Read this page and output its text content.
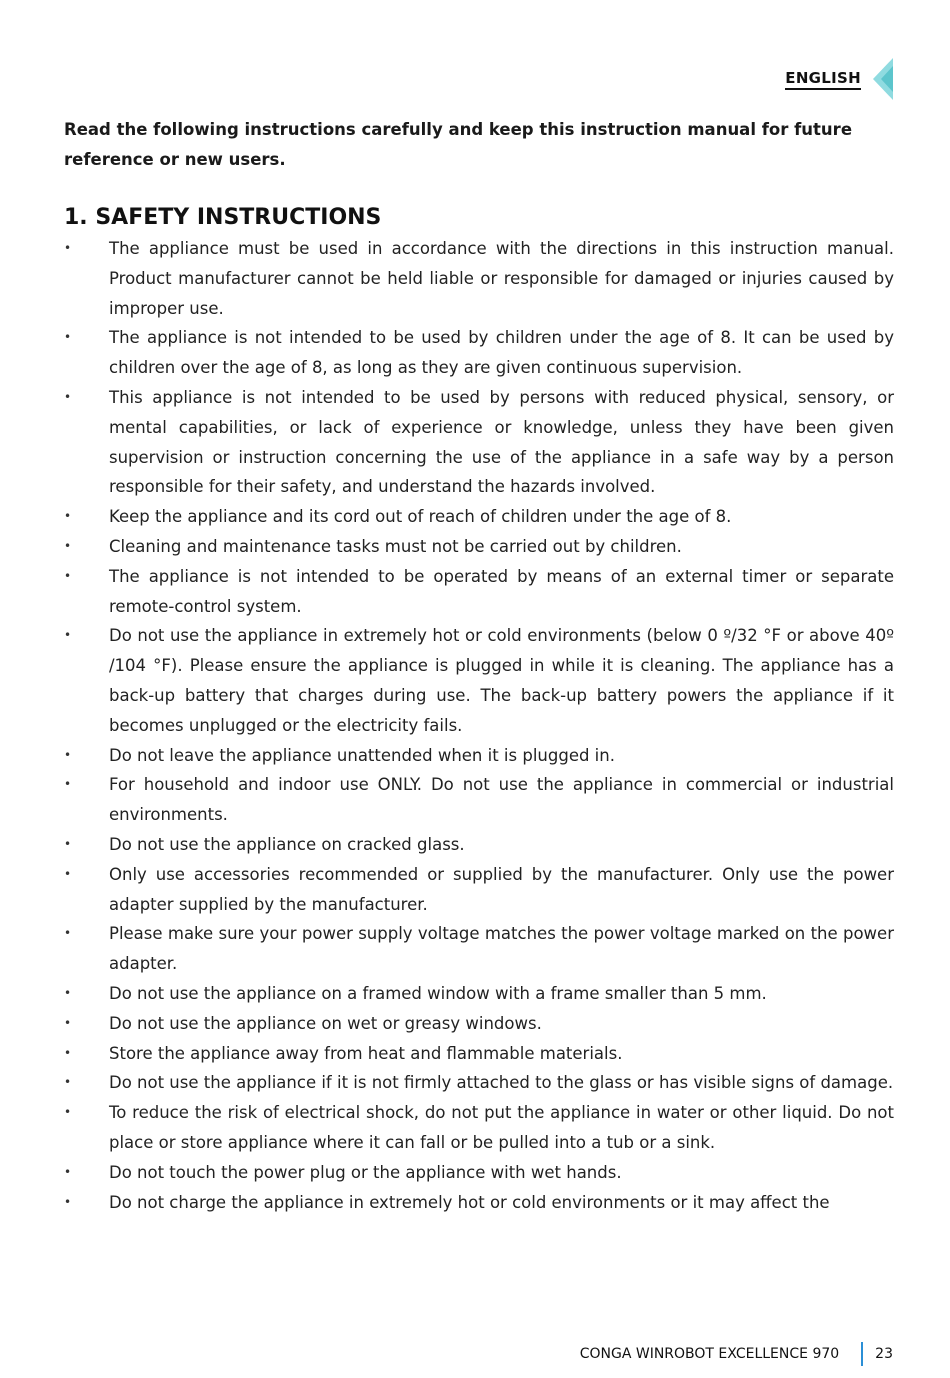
ENGLISH

Read the following instructions carefully and keep this instruction manual for future reference or new users.

1. SAFETY INSTRUCTIONS
• The appliance must be used in accordance with the directions in this instruction manual. Product manufacturer cannot be held liable or responsible for damaged or injuries caused by improper use.
• The appliance is not intended to be used by children under the age of 8. It can be used by children over the age of 8, as long as they are given continuous supervision.
• This appliance is not intended to be used by persons with reduced physical, sensory, or mental capabilities, or lack of experience or knowledge, unless they have been given supervision or instruction concerning the use of the appliance in a safe way by a person responsible for their safety, and understand the hazards involved.
• Keep the appliance and its cord out of reach of children under the age of 8.
• Cleaning and maintenance tasks must not be carried out by children.
• The appliance is not intended to be operated by means of an external timer or separate remote-control system.
• Do not use the appliance in extremely hot or cold environments (below 0 º/32 °F or above 40º /104 °F). Please ensure the appliance is plugged in while it is cleaning. The appliance has a back-up battery that charges during use. The back-up battery powers the appliance if it becomes unplugged or the electricity fails.
• Do not leave the appliance unattended when it is plugged in.
• For household and indoor use ONLY. Do not use the appliance in commercial or industrial environments.
• Do not use the appliance on cracked glass.
• Only use accessories recommended or supplied by the manufacturer. Only use the power adapter supplied by the manufacturer.
• Please make sure your power supply voltage matches the power voltage marked on the power adapter.
• Do not use the appliance on a framed window with a frame smaller than 5 mm.
• Do not use the appliance on wet or greasy windows.
• Store the appliance away from heat and flammable materials.
• Do not use the appliance if it is not firmly attached to the glass or has visible signs of damage.
• To reduce the risk of electrical shock, do not put the appliance in water or other liquid. Do not place or store appliance where it can fall or be pulled into a tub or a sink.
• Do not touch the power plug or the appliance with wet hands.
• Do not charge the appliance in extremely hot or cold environments or it may affect the
CONGA WINROBOT EXCELLENCE 970	23
